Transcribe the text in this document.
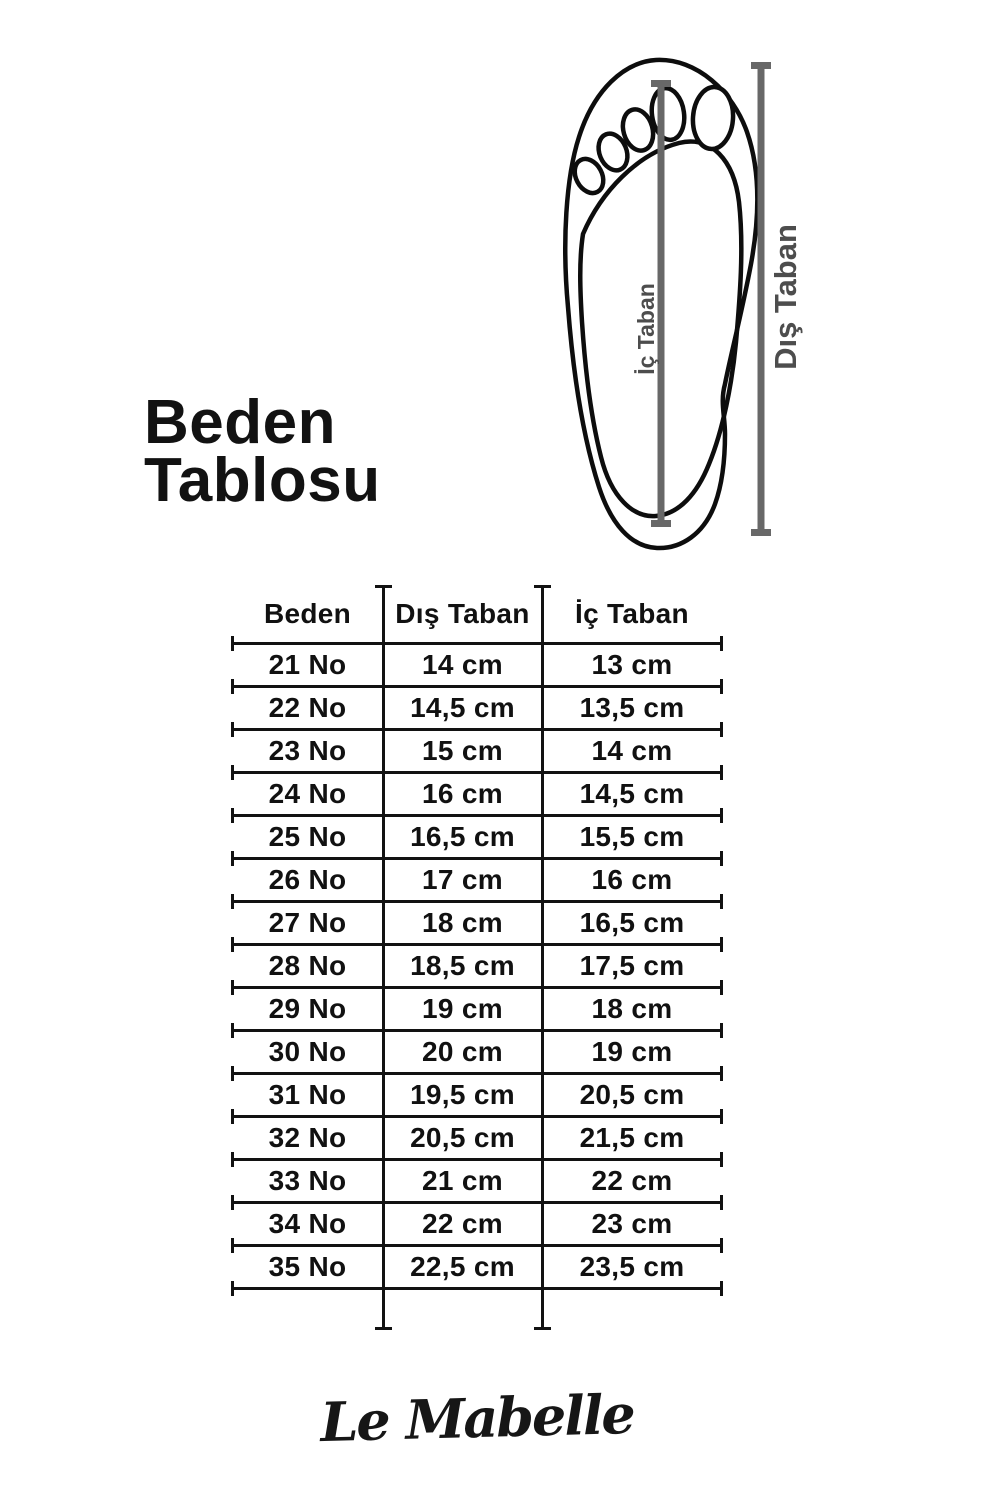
Beden
Tablosu
İç Taban	Dış Taban
Beden	Dış Taban	İç Taban
21 No	14 cm	13 cm
22 No	14,5 cm	13,5 cm
23 No	15 cm	14 cm
24 No	16 cm	14,5 cm
25 No	16,5 cm	15,5 cm
26 No	17 cm	16 cm
27 No	18 cm	16,5 cm
28 No	18,5 cm	17,5 cm
29 No	19 cm	18 cm
30 No	20 cm	19 cm
31 No	19,5 cm	20,5 cm
32 No	20,5 cm	21,5 cm
33 No	21 cm	22 cm
34 No	22 cm	23 cm
35 No	22,5 cm	23,5 cm
Le Mabelle
